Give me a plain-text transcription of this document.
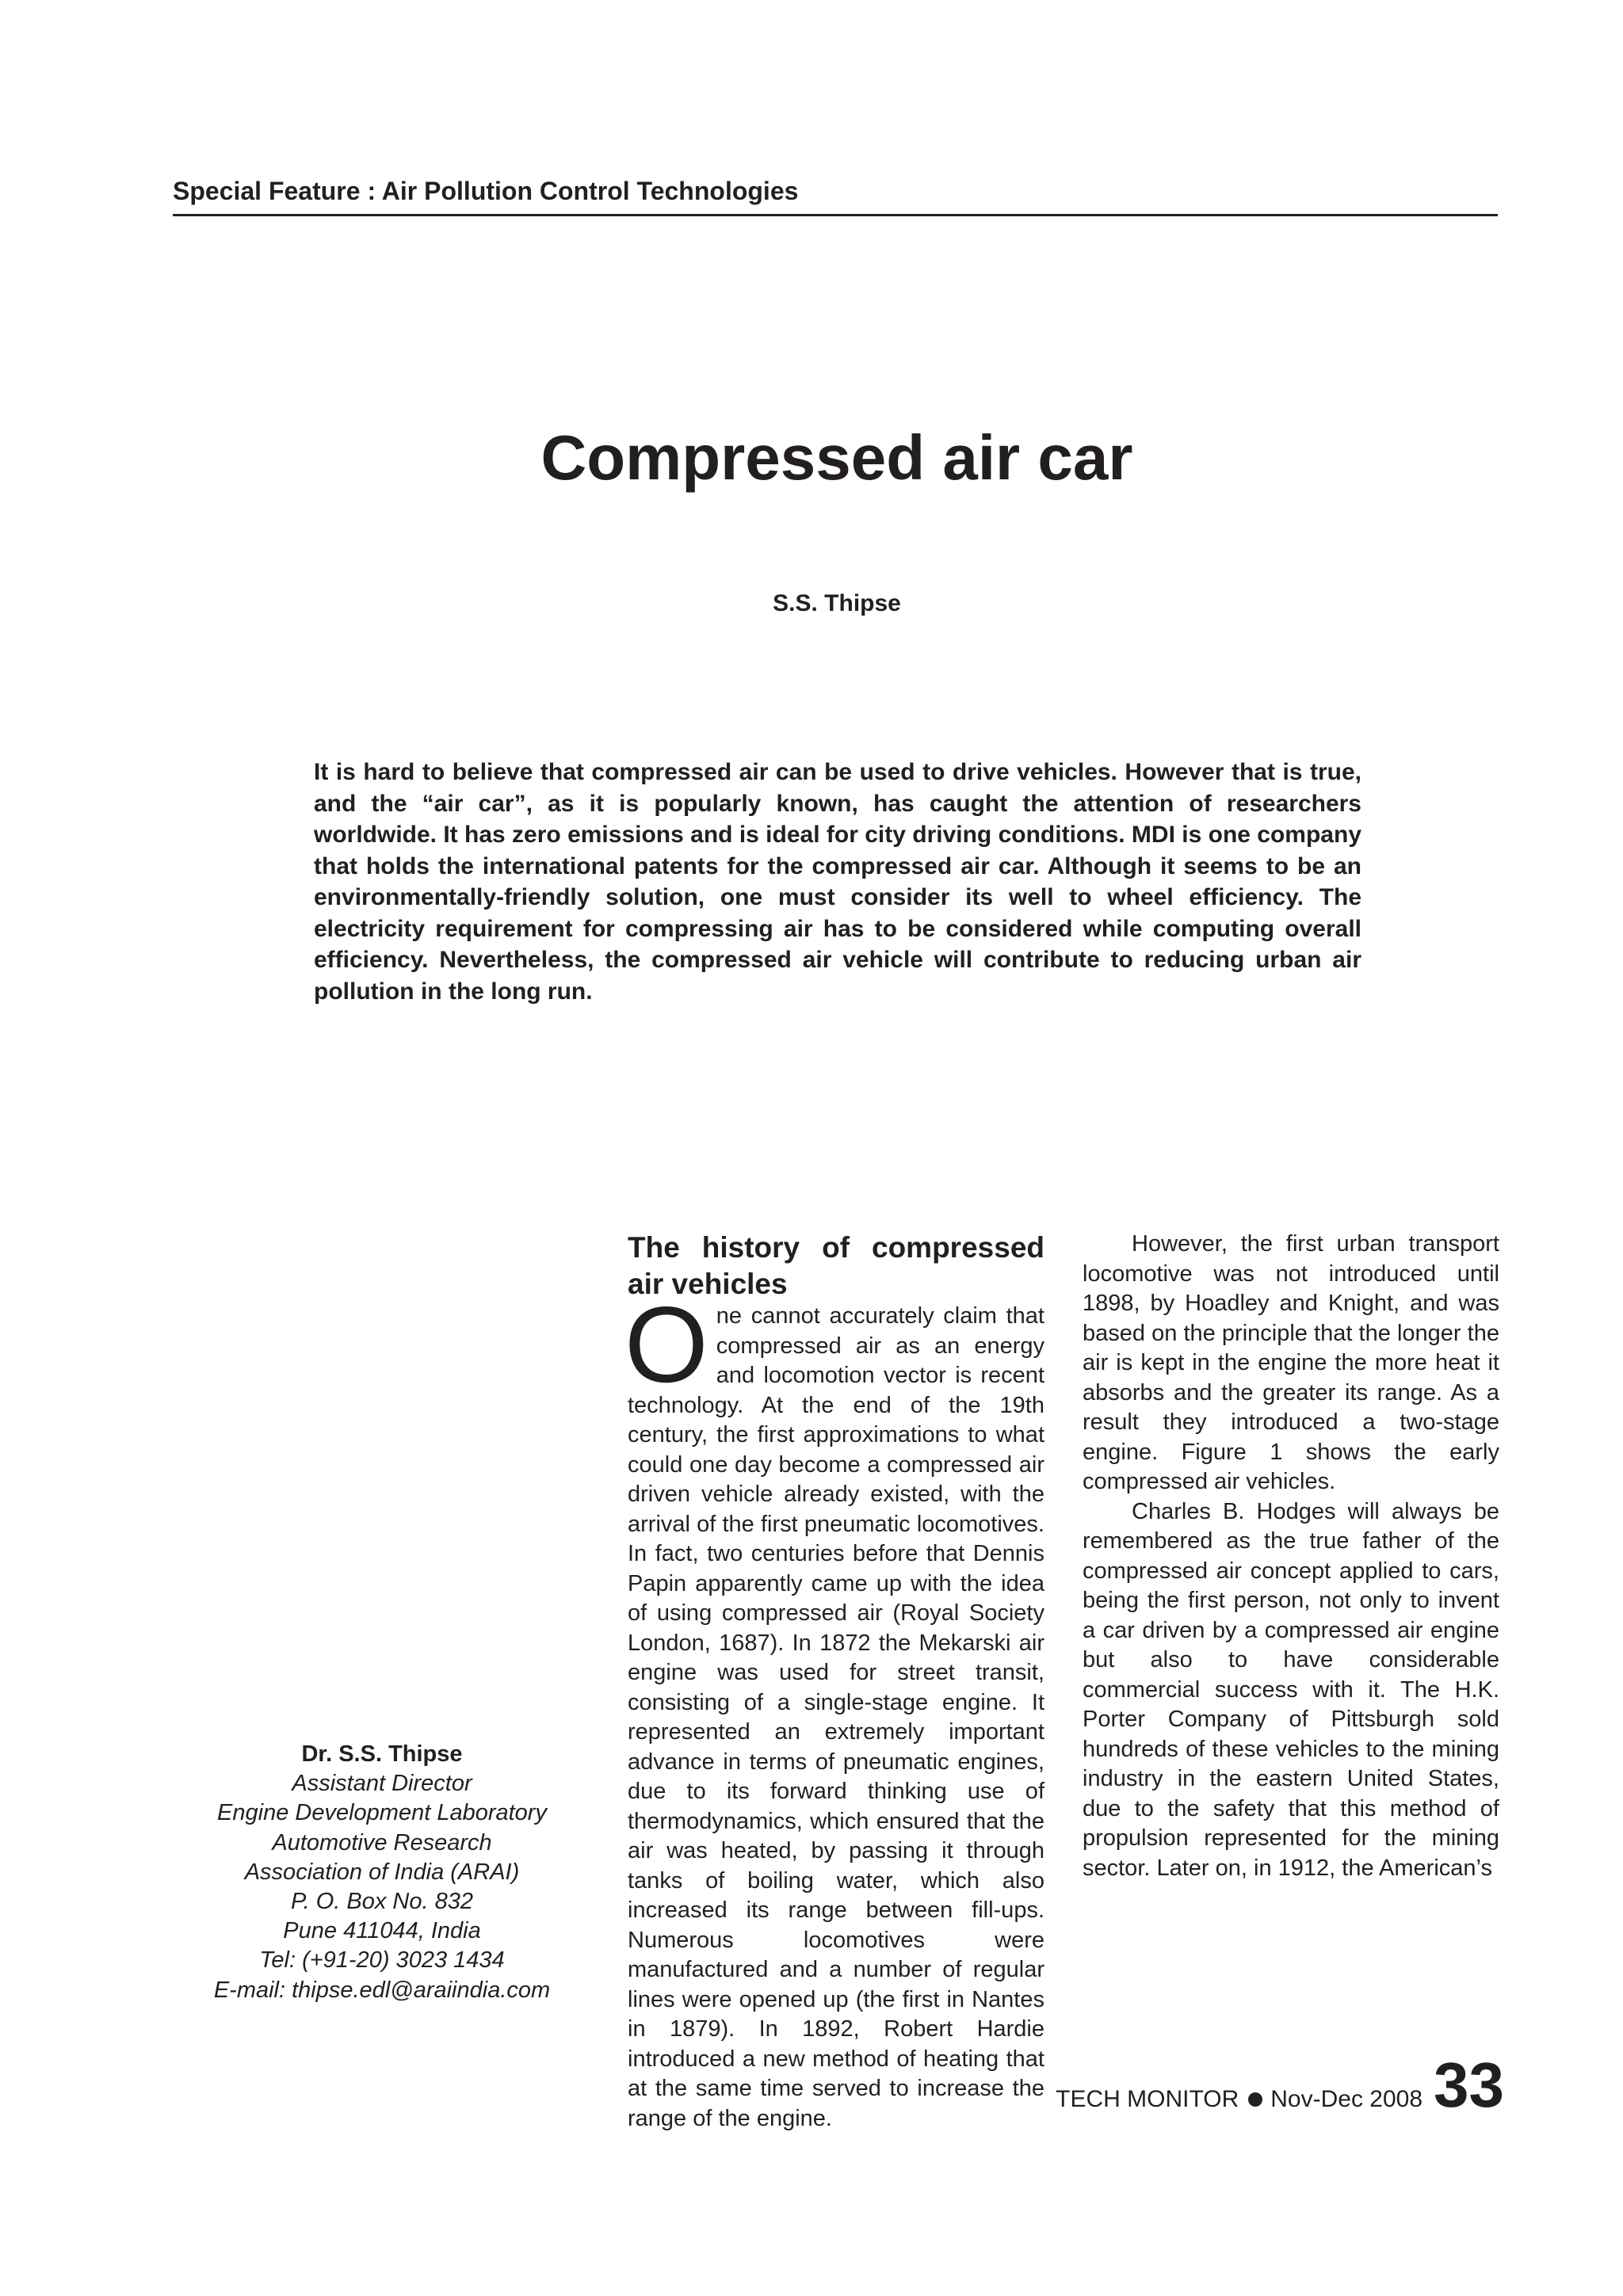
Special Feature : Air Pollution Control Technologies
Compressed air car
S.S. Thipse
It is hard to believe that compressed air can be used to drive vehicles. However that is true, and the “air car”, as it is popularly known, has caught the attention of researchers worldwide. It has zero emissions and is ideal for city driving conditions. MDI is one company that holds the international patents for the compressed air car. Although it seems to be an environmentally-friendly solution, one must consider its well to wheel efficiency. The electricity requirement for compressing air has to be considered while computing overall efficiency. Nevertheless, the compressed air vehicle will contribute to reducing urban air pollution in the long run.
Dr. S.S. Thipse
Assistant Director
Engine Development Laboratory
Automotive Research
Association of India (ARAI)
P. O. Box No. 832
Pune 411044, India
Tel: (+91-20) 3023 1434
E-mail: thipse.edl@araiindia.com
The history of compressed air vehicles

One cannot accurately claim that compressed air as an energy and locomotion vector is recent technology. At the end of the 19th century, the first approximations to what could one day become a compressed air driven vehicle already existed, with the arrival of the first pneumatic locomotives. In fact, two centuries before that Dennis Papin apparently came up with the idea of using compressed air (Royal Society London, 1687). In 1872 the Mekarski air engine was used for street transit, consisting of a single-stage engine. It represented an extremely important advance in terms of pneumatic engines, due to its forward thinking use of thermodynamics, which ensured that the air was heated, by passing it through tanks of boiling water, which also increased its range between fill-ups. Numerous locomotives were manufactured and a number of regular lines were opened up (the first in Nantes in 1879). In 1892, Robert Hardie introduced a new method of heating that at the same time served to increase the range of the engine.

However, the first urban transport locomotive was not introduced until 1898, by Hoadley and Knight, and was based on the principle that the longer the air is kept in the engine the more heat it absorbs and the greater its range. As a result they introduced a two-stage engine. Figure 1 shows the early compressed air vehicles.

Charles B. Hodges will always be remembered as the true father of the compressed air concept applied to cars, being the first person, not only to invent a car driven by a compressed air engine but also to have considerable commercial success with it. The H.K. Porter Company of Pittsburgh sold hundreds of these vehicles to the mining industry in the eastern United States, due to the safety that this method of propulsion represented for the mining sector. Later on, in 1912, the American’s

TECH MONITOR Nov-Dec 2008 33
